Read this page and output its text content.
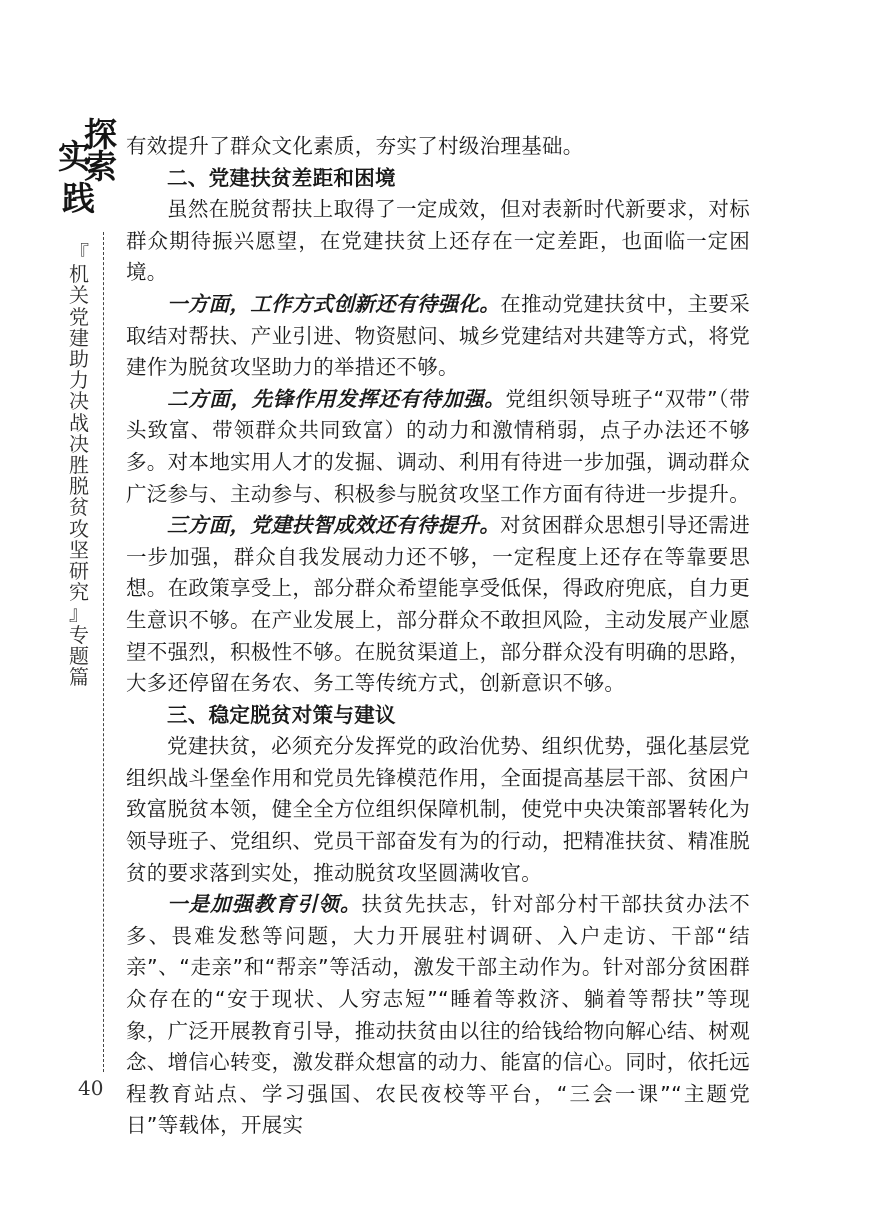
探
索
实
践
『
机
关
党
建
助
力
决
战
决
胜
脱
贫
攻
坚
研
究
』
专
题
篇
40

有效提升了群众文化素质，夯实了村级治理基础。

二、党建扶贫差距和困境

虽然在脱贫帮扶上取得了一定成效，但对表新时代新要求，对标群众期待振兴愿望，在党建扶贫上还存在一定差距，也面临一定困境。

一方面，工作方式创新还有待强化。在推动党建扶贫中，主要采取结对帮扶、产业引进、物资慰问、城乡党建结对共建等方式，将党建作为脱贫攻坚助力的举措还不够。

二方面，先锋作用发挥还有待加强。党组织领导班子“双带”（带头致富、带领群众共同致富）的动力和激情稍弱，点子办法还不够多。对本地实用人才的发掘、调动、利用有待进一步加强，调动群众广泛参与、主动参与、积极参与脱贫攻坚工作方面有待进一步提升。

三方面，党建扶智成效还有待提升。对贫困群众思想引导还需进一步加强，群众自我发展动力还不够，一定程度上还存在等靠要思想。在政策享受上，部分群众希望能享受低保，得政府兜底，自力更生意识不够。在产业发展上，部分群众不敢担风险，主动发展产业愿望不强烈，积极性不够。在脱贫渠道上，部分群众没有明确的思路，大多还停留在务农、务工等传统方式，创新意识不够。

三、稳定脱贫对策与建议

党建扶贫，必须充分发挥党的政治优势、组织优势，强化基层党组织战斗堡垒作用和党员先锋模范作用，全面提高基层干部、贫困户致富脱贫本领，健全全方位组织保障机制，使党中央决策部署转化为领导班子、党组织、党员干部奋发有为的行动，把精准扶贫、精准脱贫的要求落到实处，推动脱贫攻坚圆满收官。

一是加强教育引领。扶贫先扶志，针对部分村干部扶贫办法不多、畏难发愁等问题，大力开展驻村调研、入户走访、干部“结亲”、“走亲”和“帮亲”等活动，激发干部主动作为。针对部分贫困群众存在的“安于现状、人穷志短”“睡着等救济、躺着等帮扶”等现象，广泛开展教育引导，推动扶贫由以往的给钱给物向解心结、树观念、增信心转变，激发群众想富的动力、能富的信心。同时，依托远程教育站点、学习强国、农民夜校等平台，“三会一课”“主题党日”等载体，开展实
